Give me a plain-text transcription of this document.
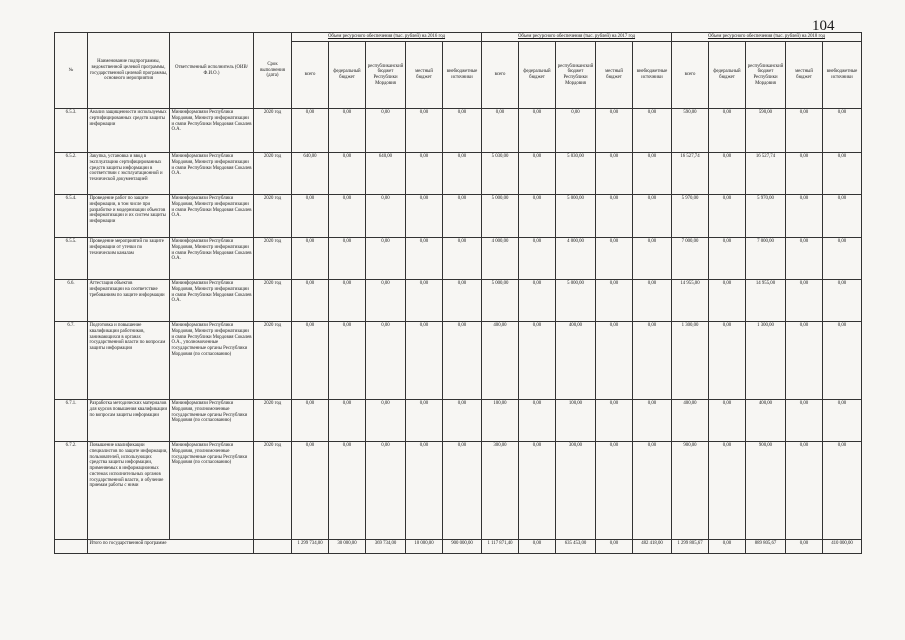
104
№	Наименование подпрограммы, ведомственной целевой программы, государственной целевой программы, основного мероприятия	Ответственный исполнитель (ОИВ/Ф.И.О.)	Срок выполнения (дата)	Объем ресурсного обеспечения (тыс. рублей) на 2016 год					Объем ресурсного обеспечения (тыс. рублей) на 2017 год					Объем ресурсного обеспечения (тыс. рублей) на 2018 год				
				всего	федеральный бюджет	республиканский бюджет Республики Мордовия	местный бюджет	внебюджетные источники	всего	федеральный бюджет	республиканский бюджет Республики Мордовия	местный бюджет	внебюджетные источники	всего	федеральный бюджет	республиканский бюджет Республики Мордовия	местный бюджет	внебюджетные источники
6.5.3.	Анализ защищенности используемых сертифицированных средств защиты информации	Мининформсвязи Республики Мордовия, Министр информатизации и связи Республики Мордовия Сокалев О.А.	2020 год	0,00	0,00	0,00	0,00	0,00	0,00	0,00	0,00	0,00	0,00	590,00	0,00	590,00	0,00	0,00
6.5.2.	Закупка, установка и ввод в эксплуатацию сертифицированных средств защиты информации в соответствии с эксплуатационной и технической документацией	Мининформсвязи Республики Мордовия, Министр информатизации и связи Республики Мордовия Сокалев О.А.	2020 год	640,00	0,00	640,00	0,00	0,00	5 030,00	0,00	5 030,00	0,00	0,00	16 527,74	0,00	16 527,74	0,00	0,00
6.5.4.	Проведение работ по защите информации, в том числе при разработке и модернизации объектов информатизации и их систем защиты информации	Мининформсвязи Республики Мордовия, Министр информатизации и связи Республики Мордовия Сокалев О.А.	2020 год	0,00	0,00	0,00	0,00	0,00	5 000,00	0,00	5 000,00	0,00	0,00	5 970,00	0,00	5 970,00	0,00	0,00
6.5.5.	Проведение мероприятий по защите информации от утечки по техническим каналам	Мининформсвязи Республики Мордовия, Министр информатизации и связи Республики Мордовия Сокалев О.А.	2020 год	0,00	0,00	0,00	0,00	0,00	4 000,00	0,00	4 000,00	0,00	0,00	7 000,00	0,00	7 000,00	0,00	0,00
6.6.	Аттестация объектов информатизации на соответствие требованиям по защите информации	Мининформсвязи Республики Мордовия, Министр информатизации и связи Республики Мордовия Сокалев О.А.	2020 год	0,00	0,00	0,00	0,00	0,00	5 000,00	0,00	5 000,00	0,00	0,00	14 955,00	0,00	14 955,00	0,00	0,00
6.7.	Подготовка и повышение квалификации работников, занимающихся в органах государственной власти по вопросам защиты информации	Мининформсвязи Республики Мордовия, Министр информатизации и связи Республики Мордовия Сокалев О.А., уполномоченные государственные органы Республики Мордовия (по согласованию)	2020 год	0,00	0,00	0,00	0,00	0,00	400,00	0,00	400,00	0,00	0,00	1 300,00	0,00	1 300,00	0,00	0,00
6.7.1.	Разработка методических материалов для курсов повышения квалификации по вопросам защиты информации	Мининформсвязи Республики Мордовия, уполномоченные государственные органы Республики Мордовия (по согласованию)	2020 год	0,00	0,00	0,00	0,00	0,00	100,00	0,00	100,00	0,00	0,00	400,00	0,00	400,00	0,00	0,00
6.7.2.	Повышение квалификации специалистов по защите информации, пользователей, использующих средства защиты информации, применяемых в информационных системах исполнительных органов государственной власти, и обучение приемам работы с ними	Мининформсвязи Республики Мордовия, уполномоченные государственные органы Республики Мордовия (по согласованию)	2020 год	0,00	0,00	0,00	0,00	0,00	300,00	0,00	300,00	0,00	0,00	900,00	0,00	900,00	0,00	0,00
	Итого по государственной программе			1 299 734,00	30 000,00	369 734,00	10 000,00	900 000,00	1 117 871,40	0,00	635 453,00	0,00	482 418,00	1 299 805,67	0,00	889 805,67	0,00	410 000,00
